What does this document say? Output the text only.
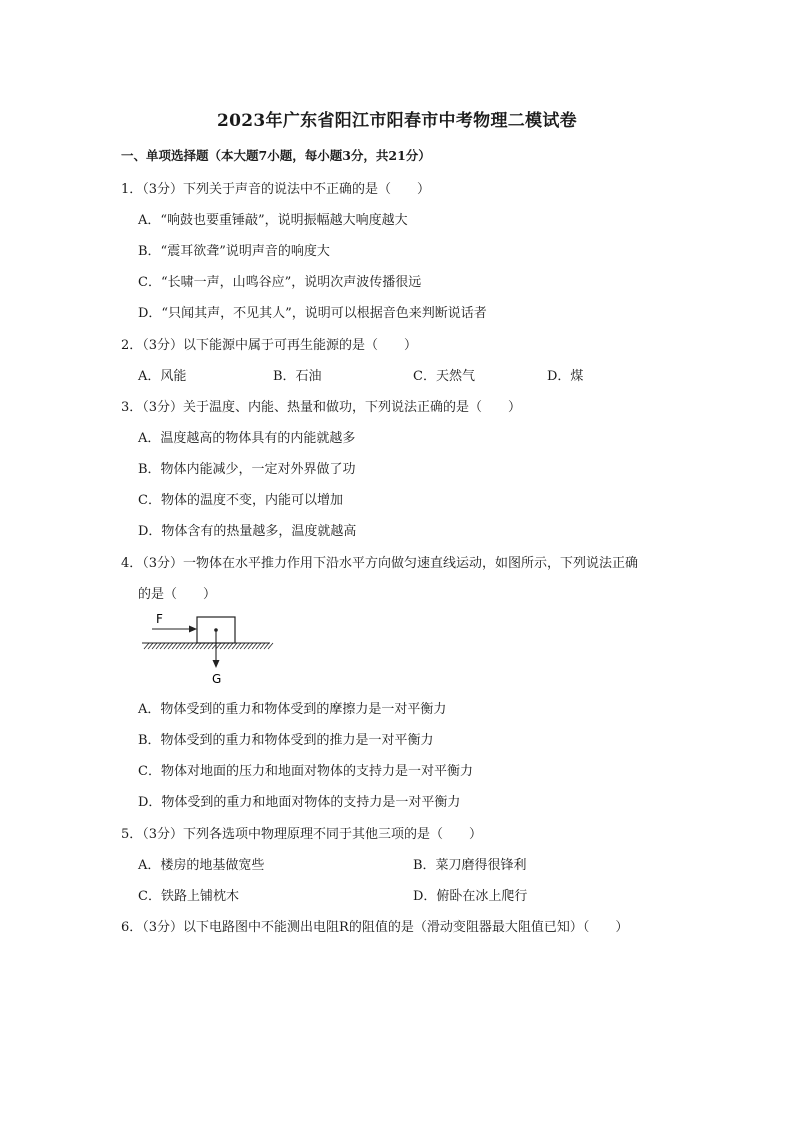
2023年广东省阳江市阳春市中考物理二模试卷
一、单项选择题（本大题7小题，每小题3分，共21分）
1．（3分）下列关于声音的说法中不正确的是（　　）
A．“响鼓也要重锤敲”，说明振幅越大响度越大
B．“震耳欲聋”说明声音的响度大
C．“长啸一声，山鸣谷应”，说明次声波传播很远
D．“只闻其声，不见其人”，说明可以根据音色来判断说话者
2．（3分）以下能源中属于可再生能源的是（　　）
A．风能	B．石油	C．天然气	D．煤
3．（3分）关于温度、内能、热量和做功，下列说法正确的是（　　）
A．温度越高的物体具有的内能就越多
B．物体内能减少，一定对外界做了功
C．物体的温度不变，内能可以增加
D．物体含有的热量越多，温度就越高
4．（3分）一物体在水平推力作用下沿水平方向做匀速直线运动，如图所示，下列说法正确
的是（　　）
F
G
A．物体受到的重力和物体受到的摩擦力是一对平衡力
B．物体受到的重力和物体受到的推力是一对平衡力
C．物体对地面的压力和地面对物体的支持力是一对平衡力
D．物体受到的重力和地面对物体的支持力是一对平衡力
5．（3分）下列各选项中物理原理不同于其他三项的是（　　）
A．楼房的地基做宽些	B．菜刀磨得很锋利
C．铁路上铺枕木	D．俯卧在冰上爬行
6．（3分）以下电路图中不能测出电阻R的阻值的是（滑动变阻器最大阻值已知）（　　）
